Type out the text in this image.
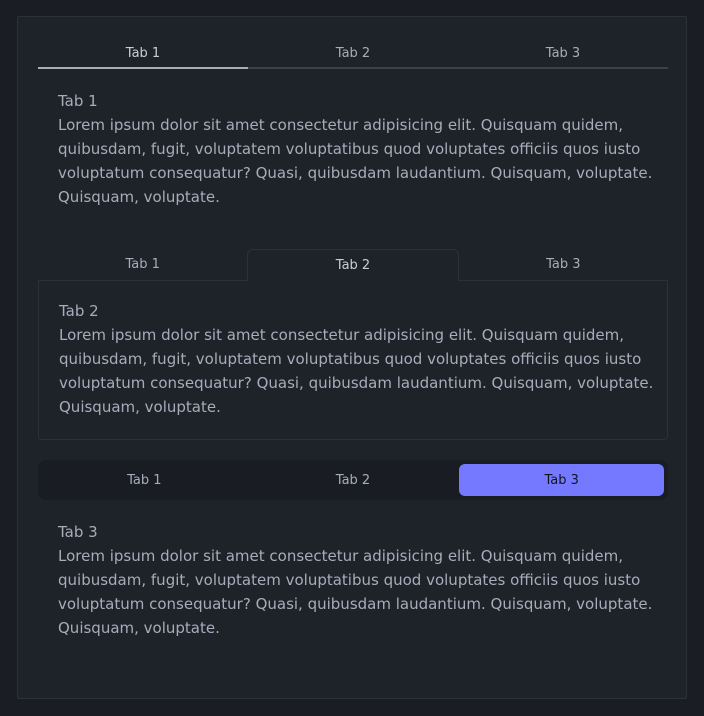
Tab 1	Tab 2	Tab 3
Tab 1
Lorem ipsum dolor sit amet consectetur adipisicing elit. Quisquam quidem, quibusdam, fugit, voluptatem voluptatibus quod voluptates officiis quos iusto voluptatum consequatur? Quasi, quibusdam laudantium. Quisquam, voluptate. Quisquam, voluptate.
Tab 1	Tab 2	Tab 3
Tab 2
Lorem ipsum dolor sit amet consectetur adipisicing elit. Quisquam quidem, quibusdam, fugit, voluptatem voluptatibus quod voluptates officiis quos iusto voluptatum consequatur? Quasi, quibusdam laudantium. Quisquam, voluptate. Quisquam, voluptate.
Tab 1	Tab 2	Tab 3
Tab 3
Lorem ipsum dolor sit amet consectetur adipisicing elit. Quisquam quidem, quibusdam, fugit, voluptatem voluptatibus quod voluptates officiis quos iusto voluptatum consequatur? Quasi, quibusdam laudantium. Quisquam, voluptate. Quisquam, voluptate.
